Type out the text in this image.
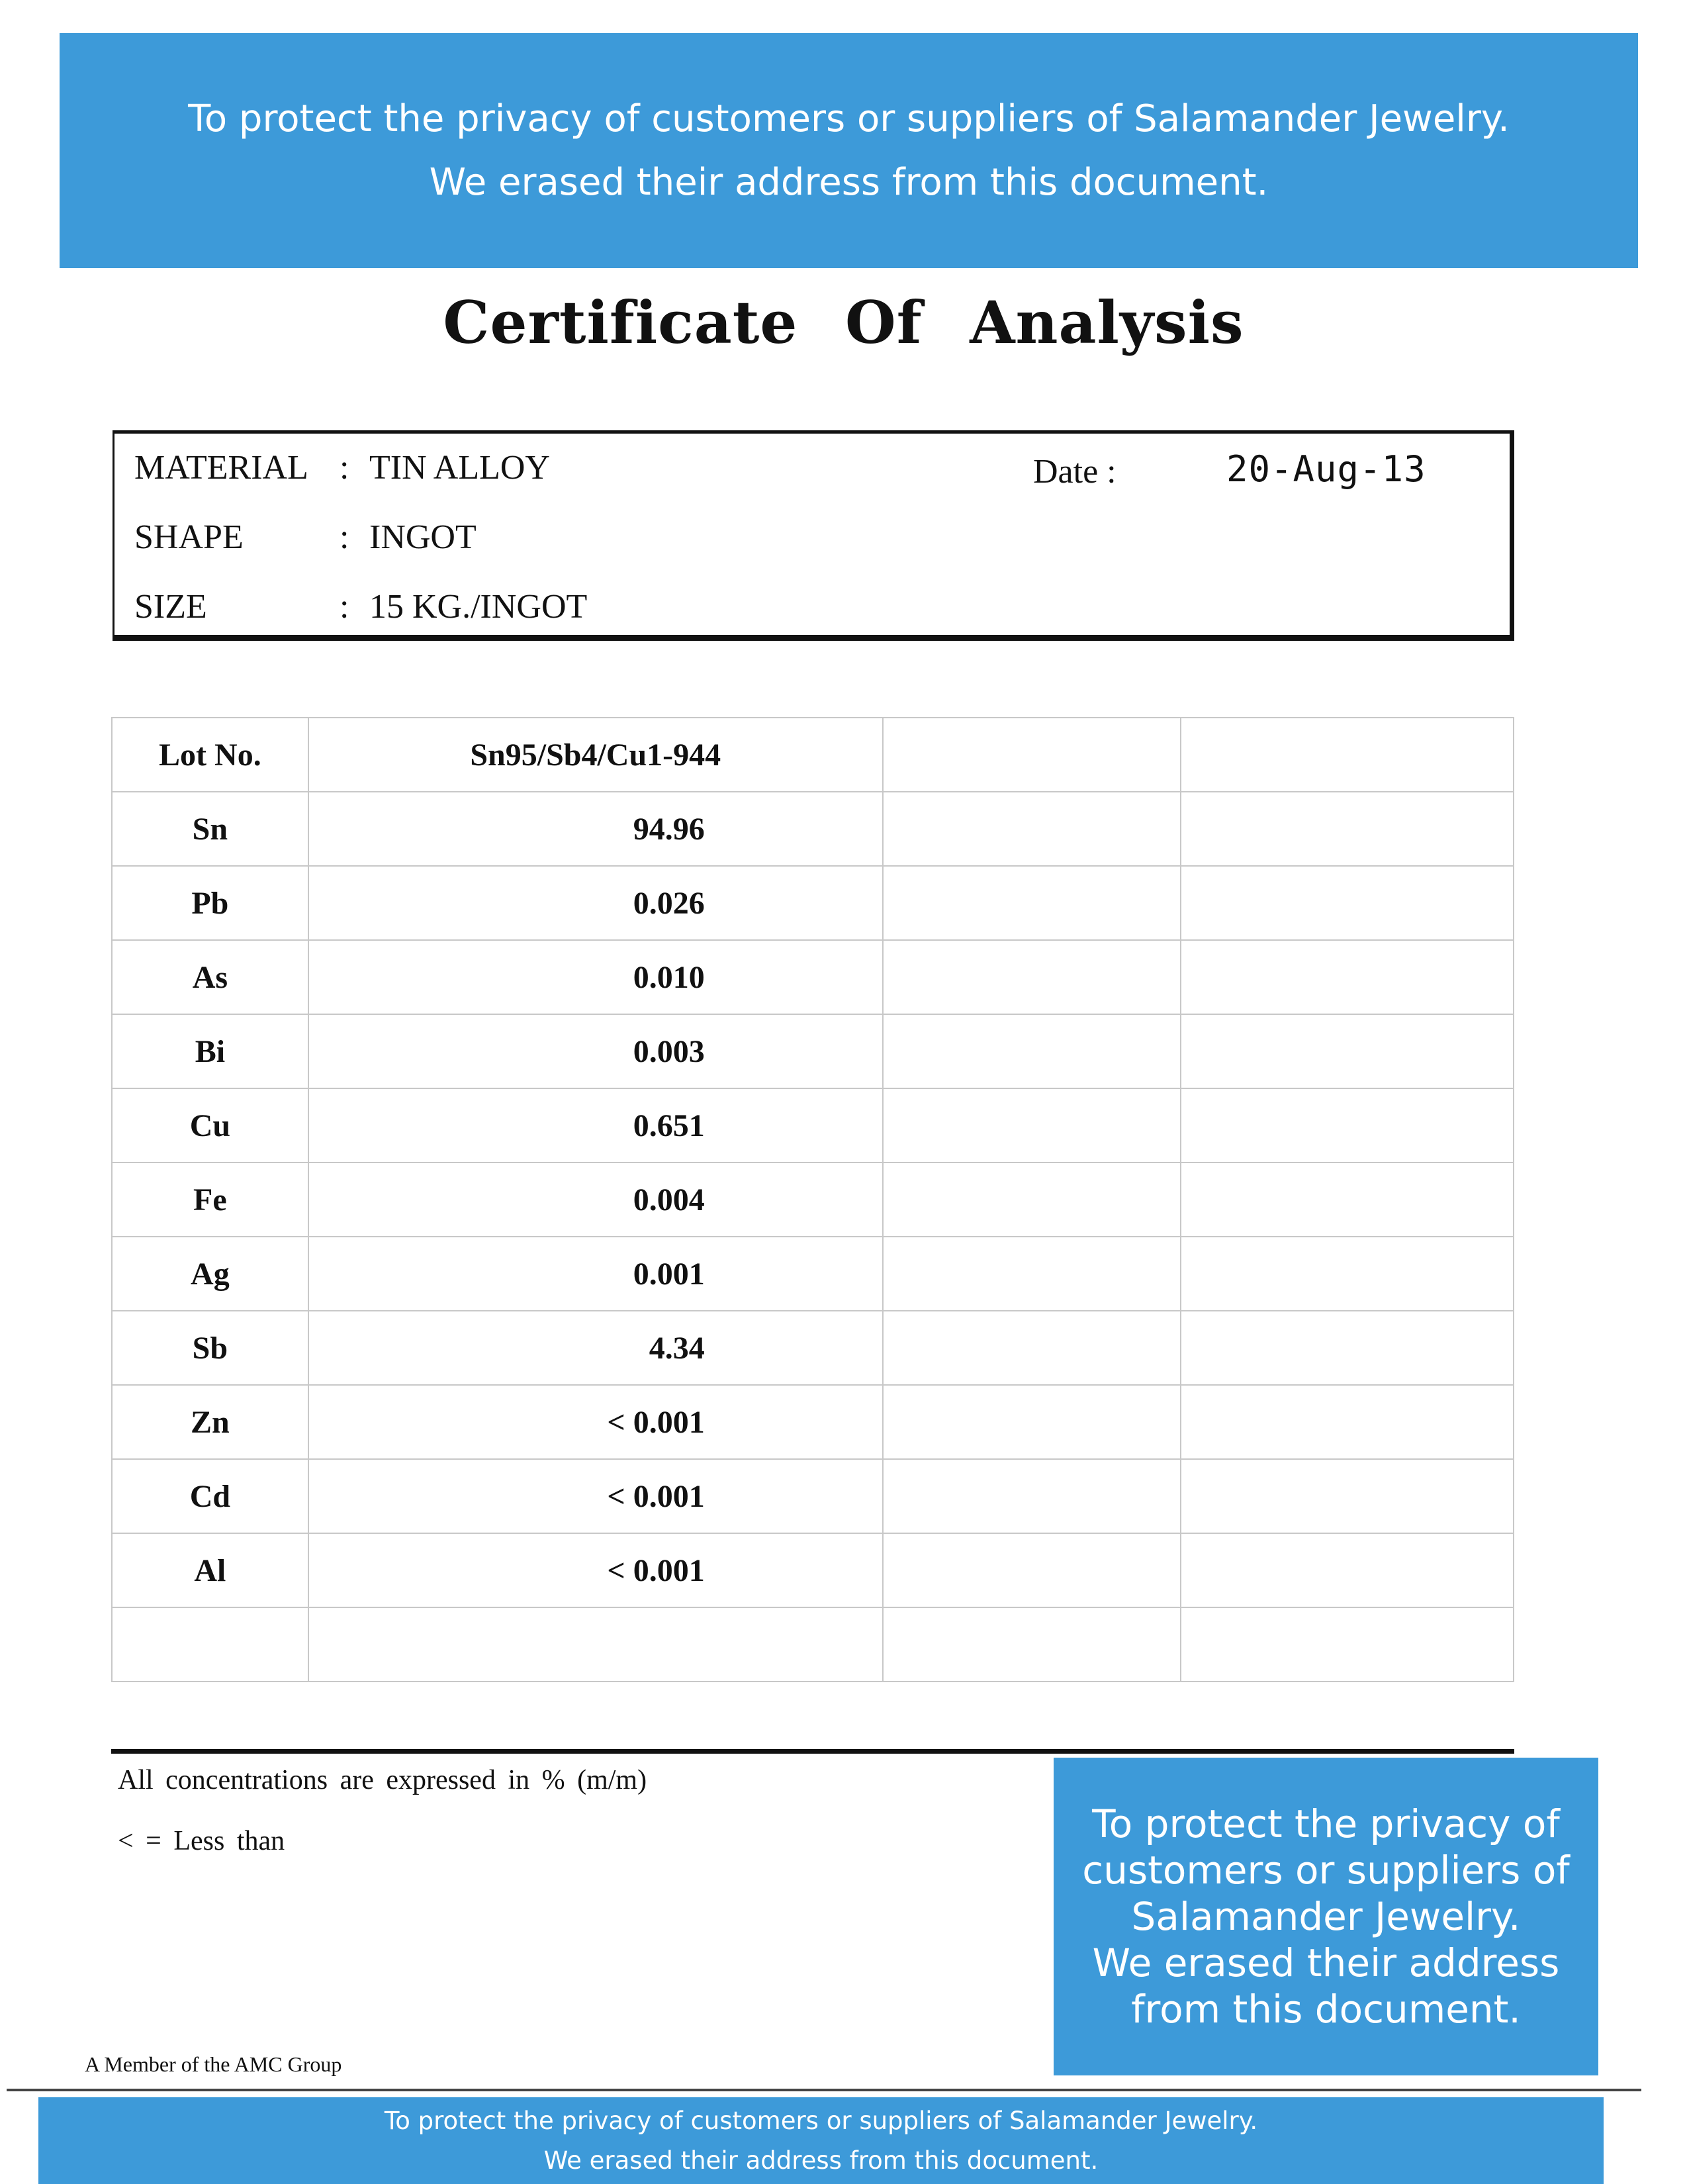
To protect the privacy of customers or suppliers of Salamander Jewelry.
We erased their address from this document.
Certificate Of Analysis
MATERIAL : TIN ALLOY
SHAPE	: INGOT
SIZE	: 15 KG./INGOT
Date :	20-Aug-13
Lot No.	Sn95/Sb4/Cu1-944		
Sn	94.96		
Pb	0.026		
As	0.010		
Bi	0.003		
Cu	0.651		
Fe	0.004		
Ag	0.001		
Sb	4.34		
Zn	< 0.001		
Cd	< 0.001		
Al	< 0.001		

All concentrations are expressed in % (m/m)
< = Less than	To protect the privacy of
customers or suppliers of
Salamander Jewelry.
We erased their address
from this document.
A Member of the AMC Group
To protect the privacy of customers or suppliers of Salamander Jewelry.
We erased their address from this document.
